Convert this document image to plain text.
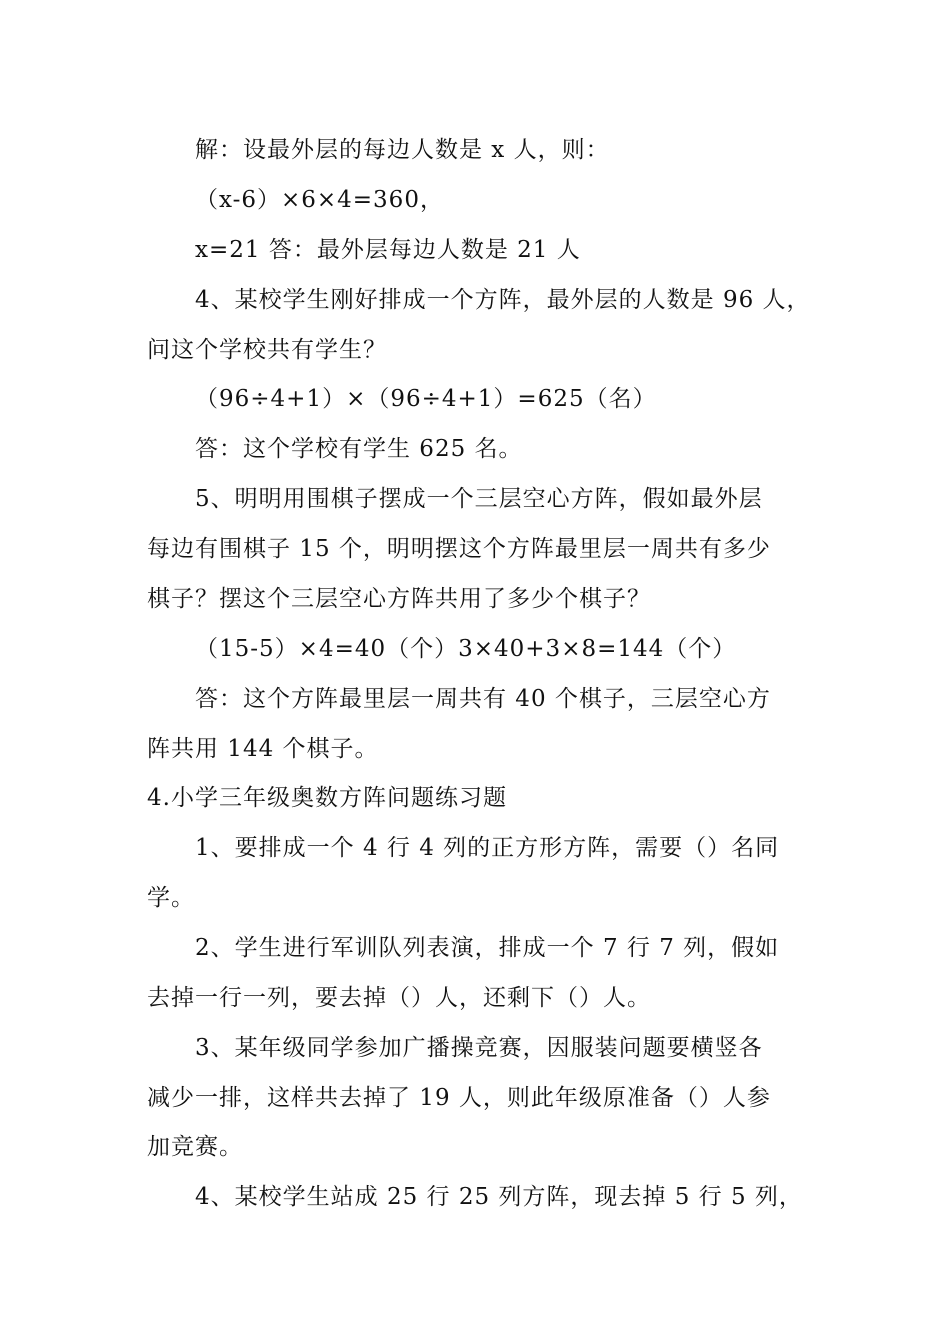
解：设最外层的每边人数是 x 人，则：
（x-6）×6×4=360，
x=21 答：最外层每边人数是 21 人
4、某校学生刚好排成一个方阵，最外层的人数是 96 人，
问这个学校共有学生？
（96÷4+1）×（96÷4+1）=625（名）
答：这个学校有学生 625 名。
5、明明用围棋子摆成一个三层空心方阵，假如最外层
每边有围棋子 15 个，明明摆这个方阵最里层一周共有多少
棋子？摆这个三层空心方阵共用了多少个棋子？
（15-5）×4=40（个）3×40+3×8=144（个）
答：这个方阵最里层一周共有 40 个棋子，三层空心方
阵共用 144 个棋子。
4.小学三年级奥数方阵问题练习题
1、要排成一个 4 行 4 列的正方形方阵，需要（）名同
学。
2、学生进行军训队列表演，排成一个 7 行 7 列，假如
去掉一行一列，要去掉（）人，还剩下（）人。
3、某年级同学参加广播操竞赛，因服装问题要横竖各
减少一排，这样共去掉了 19 人，则此年级原准备（）人参
加竞赛。
4、某校学生站成 25 行 25 列方阵，现去掉 5 行 5 列，
